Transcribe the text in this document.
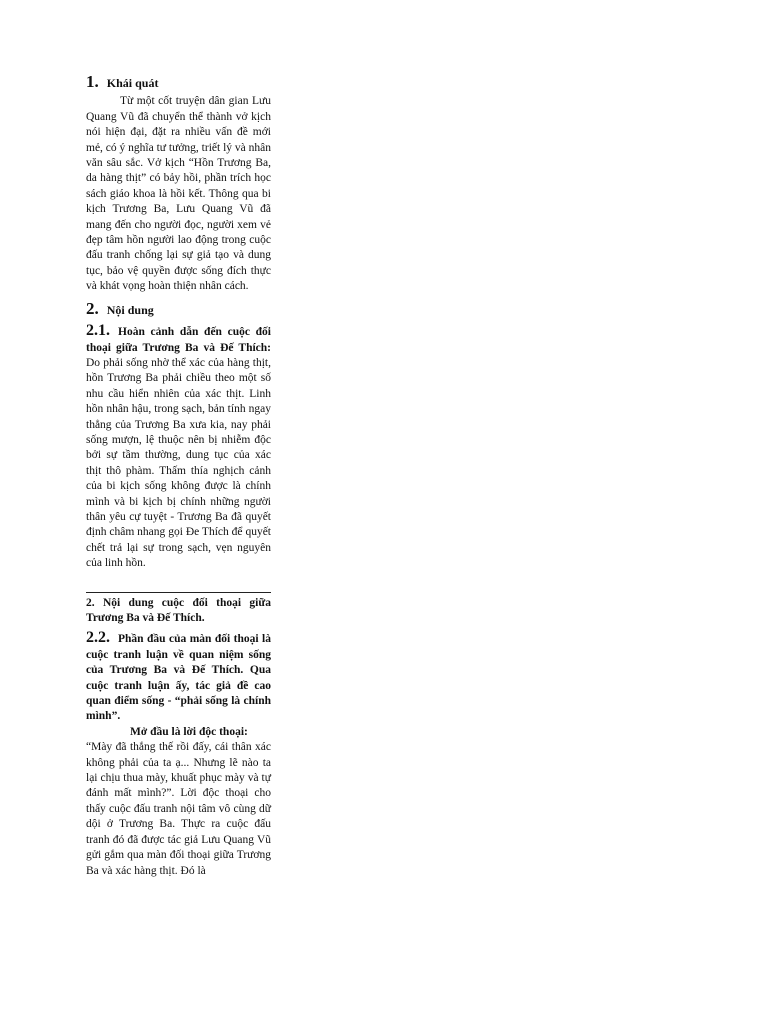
1. Khái quát

Từ một cốt truyện dân gian Lưu Quang Vũ đã chuyển thể thành vở kịch nói hiện đại, đặt ra nhiều vấn đề mới mẻ, có ý nghĩa tư tưởng, triết lý và nhân văn sâu sắc. Vở kịch “Hồn Trương Ba, da hàng thịt” có bảy hồi, phần trích học sách giáo khoa là hồi kết. Thông qua bi kịch Trương Ba, Lưu Quang Vũ đã mang đến cho người đọc, người xem vẻ đẹp tâm hồn người lao động trong cuộc đấu tranh chống lại sự giả tạo và dung tục, bảo vệ quyền được sống đích thực và khát vọng hoàn thiện nhân cách.

2. Nội dung

2.1. Hoàn cảnh dẫn đến cuộc đối thoại giữa Trương Ba và Đế Thích: Do phải sống nhờ thể xác của hàng thịt, hồn Trương Ba phải chiều theo một số nhu cầu hiển nhiên của xác thịt. Linh hồn nhân hậu, trong sạch, bản tính ngay thẳng của Trương Ba xưa kia, nay phải sống mượn, lệ thuộc nên bị nhiễm độc bởi sự tầm thường, dung tục của xác thịt thô phàm. Thấm thía nghịch cảnh của bi kịch sống không được là chính mình và bi kịch bị chính những người thân yêu cự tuyệt - Trương Ba đã quyết định châm nhang gọi Đe Thích để quyết chết trả lại sự trong sạch, vẹn nguyên của linh hồn.

2. Nội dung cuộc đối thoại giữa Trương Ba và Đế Thích.

2.2. Phần đầu của màn đối thoại là cuộc tranh luận về quan niệm sống của Trương Ba và Đế Thích. Qua cuộc tranh luận ấy, tác giả đề cao quan điểm sống - “phải sống là chính mình”.

Mở đầu là lời độc thoại:

“Mày đã thắng thế rồi đấy, cái thân xác không phải của ta ạ... Nhưng lẽ nào ta lại chịu thua mày, khuất phục mày và tự đánh mất mình?”. Lời độc thoại cho thấy cuộc đấu tranh nội tâm vô cùng dữ dội ở Trương Ba. Thực ra cuộc đấu tranh đó đã được tác giả Lưu Quang Vũ gửi gắm qua màn đối thoại giữa Trương Ba và xác hàng thịt. Đó là
